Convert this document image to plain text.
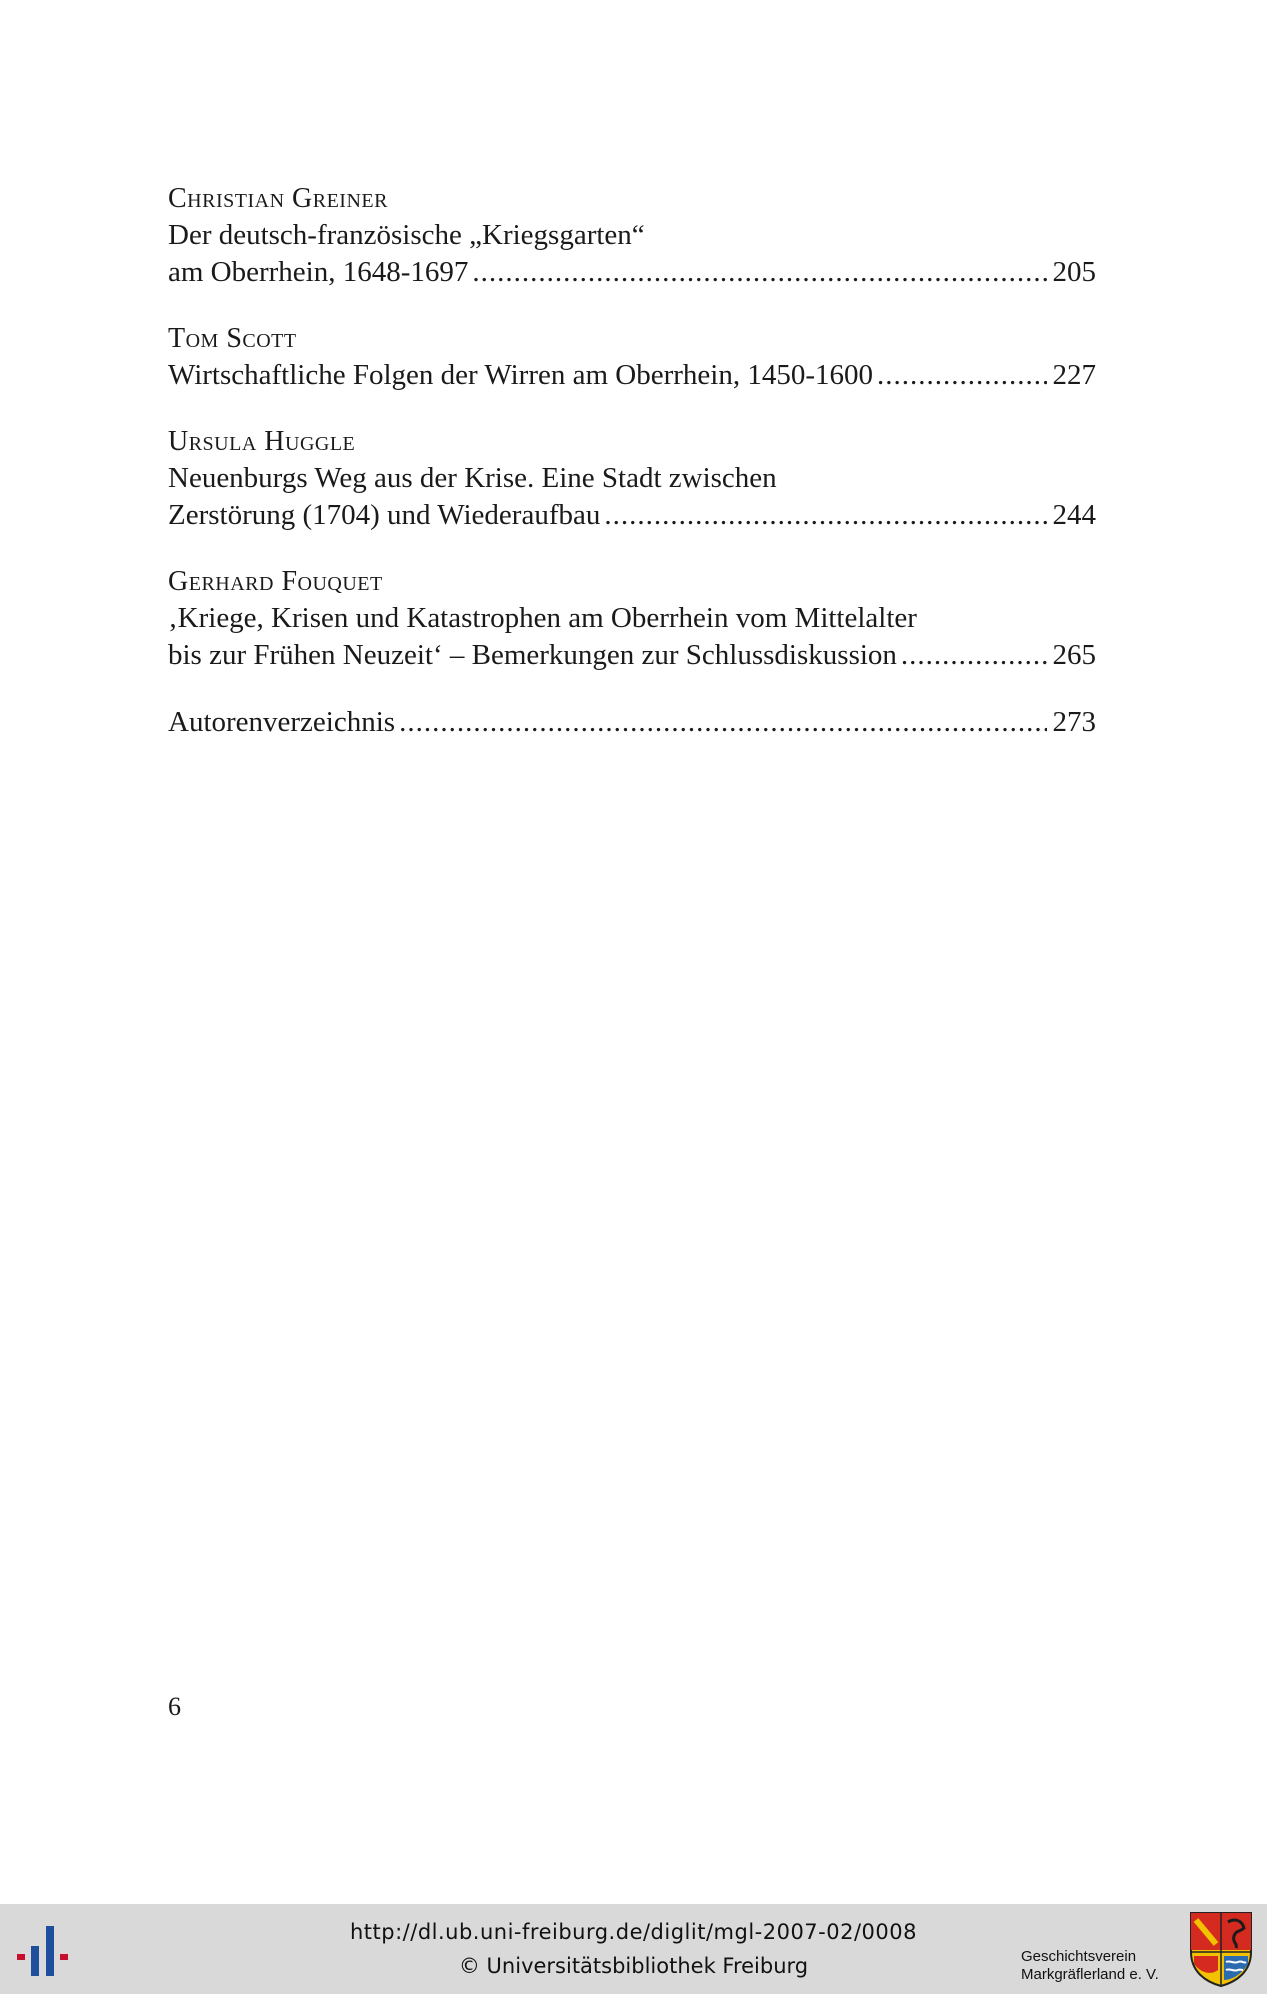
Christian Greiner
Der deutsch-französische „Kriegsgarten“
am Oberrhein, 1648-1697 .....	205
Tom Scott
Wirtschaftliche Folgen der Wirren am Oberrhein, 1450-1600 .....	227
Ursula Huggle
Neuenburgs Weg aus der Krise. Eine Stadt zwischen
Zerstörung (1704) und Wiederaufbau .....	244
Gerhard Fouquet
‚Kriege, Krisen und Katastrophen am Oberrhein vom Mittelalter
bis zur Frühen Neuzeit‘ – Bemerkungen zur Schlussdiskussion .....	265
Autorenverzeichnis .....	273
6
http://dl.ub.uni-freiburg.de/diglit/mgl-2007-02/0008
© Universitätsbibliothek Freiburg	Geschichtsverein
Markgräflerland e. V.
